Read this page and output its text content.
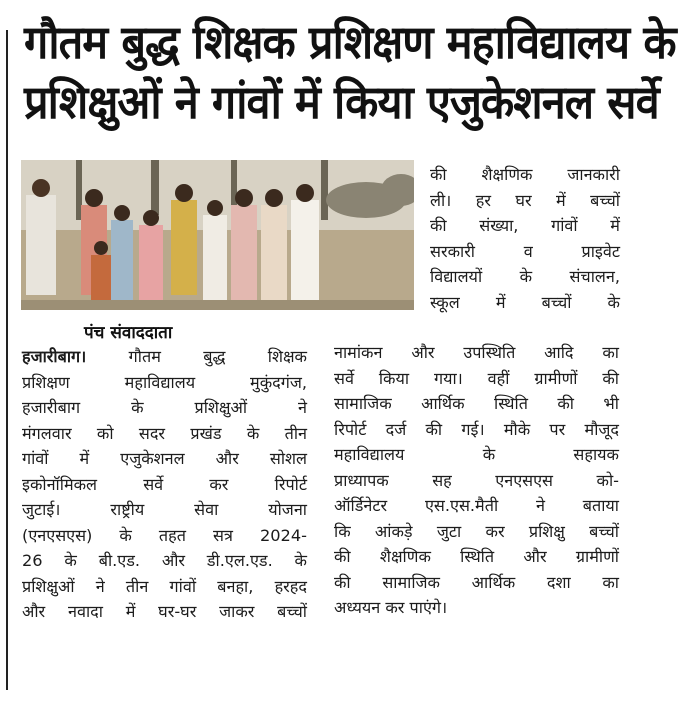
गौतम बुद्ध शिक्षक प्रशिक्षण महाविद्यालय के
प्रशिक्षुओं ने गांवों में किया एजुकेशनल सर्वे
पंच संवाददाता
हजारीबाग।	गौतम बुद्ध शिक्षक
प्रशिक्षण महाविद्यालय मुकुंदगंज,
हजारीबाग के प्रशिक्षुओं ने
मंगलवार को सदर प्रखंड के तीन
गांवों में एजुकेशनल और सोशल
इकोनॉमिकल सर्वे कर रिपोर्ट
जुटाई। राष्ट्रीय सेवा योजना
(एनएसएस) के तहत सत्र 2024-
26 के बी.एड. और डी.एल.एड. के
प्रशिक्षुओं ने तीन गांवों बनहा, हरहद
और नवादा में घर-घर जाकर बच्चों
की शैक्षणिक जानकारी
ली। हर घर में बच्चों
की संख्या, गांवों में
सरकारी व प्राइवेट
विद्यालयों के संचालन,
स्कूल में बच्चों के
नामांकन और उपस्थिति आदि का
सर्वे किया गया। वहीं ग्रामीणों की
सामाजिक आर्थिक स्थिति की भी
रिपोर्ट दर्ज की गई। मौके पर मौजूद
महाविद्यालय के सहायक
प्राध्यापक सह एनएसएस को-
ऑर्डिनेटर एस.एस.मैती ने बताया
कि आंकड़े जुटा कर प्रशिक्षु बच्चों
की शैक्षणिक स्थिति और ग्रामीणों
की सामाजिक आर्थिक दशा का
अध्ययन कर पाएंगे।
